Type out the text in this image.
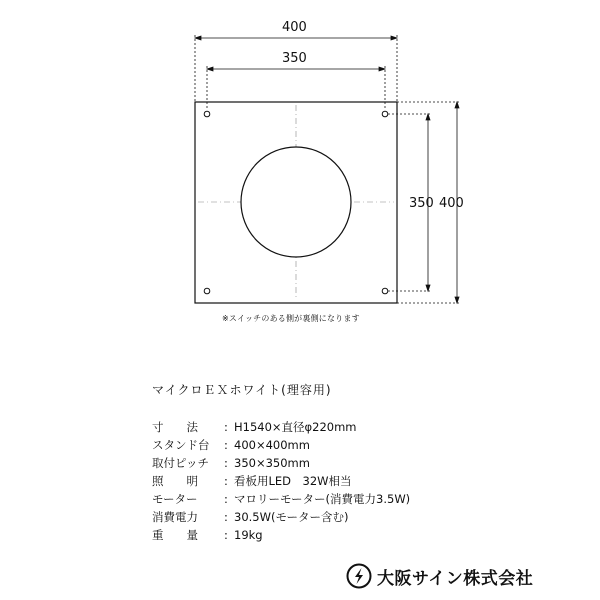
400
350
350 400
※スイッチのある側が裏側になります
マイクロＥＸホワイト(理容用)
寸　　法	: H1540×直径φ220mm
スタンド台	: 400×400mm
取付ピッチ	: 350×350mm
照　　明	: 看板用LED　32W相当
モーター	: マロリーモーター(消費電力3.5W)
消費電力	: 30.5W(モーター含む)
重　　量	: 19kg
大阪サイン株式会社
